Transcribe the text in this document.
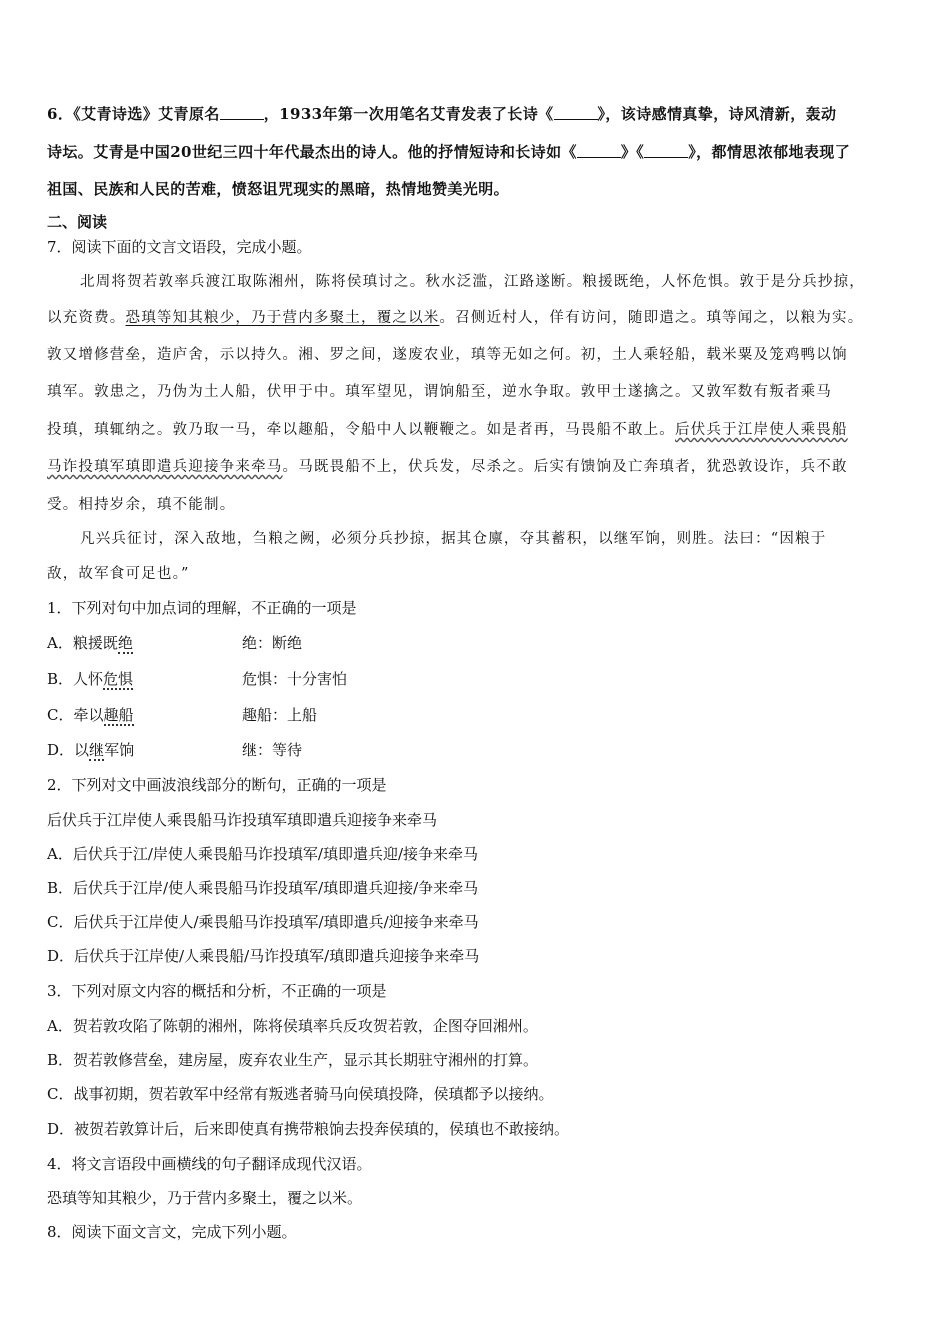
6．《艾青诗选》艾青原名	，1933年第一次用笔名艾青发表了长诗《	》，该诗感情真挚，诗风清新，轰动
诗坛。艾青是中国20世纪三四十年代最杰出的诗人。他的抒情短诗和长诗如《	》《	》，都情思浓郁地表现了
祖国、民族和人民的苦难，愤怒诅咒现实的黑暗，热情地赞美光明。
二、阅读
7．阅读下面的文言文语段，完成小题。
北周将贺若敦率兵渡江取陈湘州，陈将侯瑱讨之。秋水泛滥，江路遂断。粮援既绝，人怀危惧。敦于是分兵抄掠，
以充资费。恐瑱等知其粮少，乃于营内多聚土，覆之以米。召侧近村人，佯有访问，随即遣之。瑱等闻之，以粮为实。
敦又增修营垒，造庐舍，示以持久。湘、罗之间，遂废农业，瑱等无如之何。初，土人乘轻船，载米粟及笼鸡鸭以饷
瑱军。敦患之，乃伪为土人船，伏甲于中。瑱军望见，谓饷船至，逆水争取。敦甲士遂擒之。又敦军数有叛者乘马
投瑱，瑱辄纳之。敦乃取一马，牵以趣船，令船中人以鞭鞭之。如是者再，马畏船不敢上。后伏兵于江岸使人乘畏船
马诈投瑱军瑱即遣兵迎接争来牵马。马既畏船不上，伏兵发，尽杀之。后实有馈饷及亡奔瑱者，犹恐敦设诈，兵不敢
受。相持岁余，瑱不能制。
凡兴兵征讨，深入敌地，刍粮之阙，必须分兵抄掠，据其仓廪，夺其蓄积，以继军饷，则胜。法曰：“因粮于
敌，故军食可足也。”
1．下列对句中加点词的理解，不正确的一项是
A．粮援既绝	绝：断绝
B．人怀危惧	危惧：十分害怕
C．牵以趣船	趣船：上船
D．以继军饷	继：等待
2．下列对文中画波浪线部分的断句，正确的一项是
后伏兵于江岸使人乘畏船马诈投瑱军瑱即遣兵迎接争来牵马
A．后伏兵于江/岸使人乘畏船马诈投瑱军/瑱即遣兵迎/接争来牵马
B．后伏兵于江岸/使人乘畏船马诈投瑱军/瑱即遣兵迎接/争来牵马
C．后伏兵于江岸使人/乘畏船马诈投瑱军/瑱即遣兵/迎接争来牵马
D．后伏兵于江岸使/人乘畏船/马诈投瑱军/瑱即遣兵迎接争来牵马
3．下列对原文内容的概括和分析，不正确的一项是
A．贺若敦攻陷了陈朝的湘州，陈将侯瑱率兵反攻贺若敦，企图夺回湘州。
B．贺若敦修营垒，建房屋，废弃农业生产，显示其长期驻守湘州的打算。
C．战事初期，贺若敦军中经常有叛逃者骑马向侯瑱投降，侯瑱都予以接纳。
D．被贺若敦算计后，后来即使真有携带粮饷去投奔侯瑱的，侯瑱也不敢接纳。
4．将文言语段中画横线的句子翻译成现代汉语。
恐瑱等知其粮少，乃于营内多聚土，覆之以米。
8．阅读下面文言文，完成下列小题。
